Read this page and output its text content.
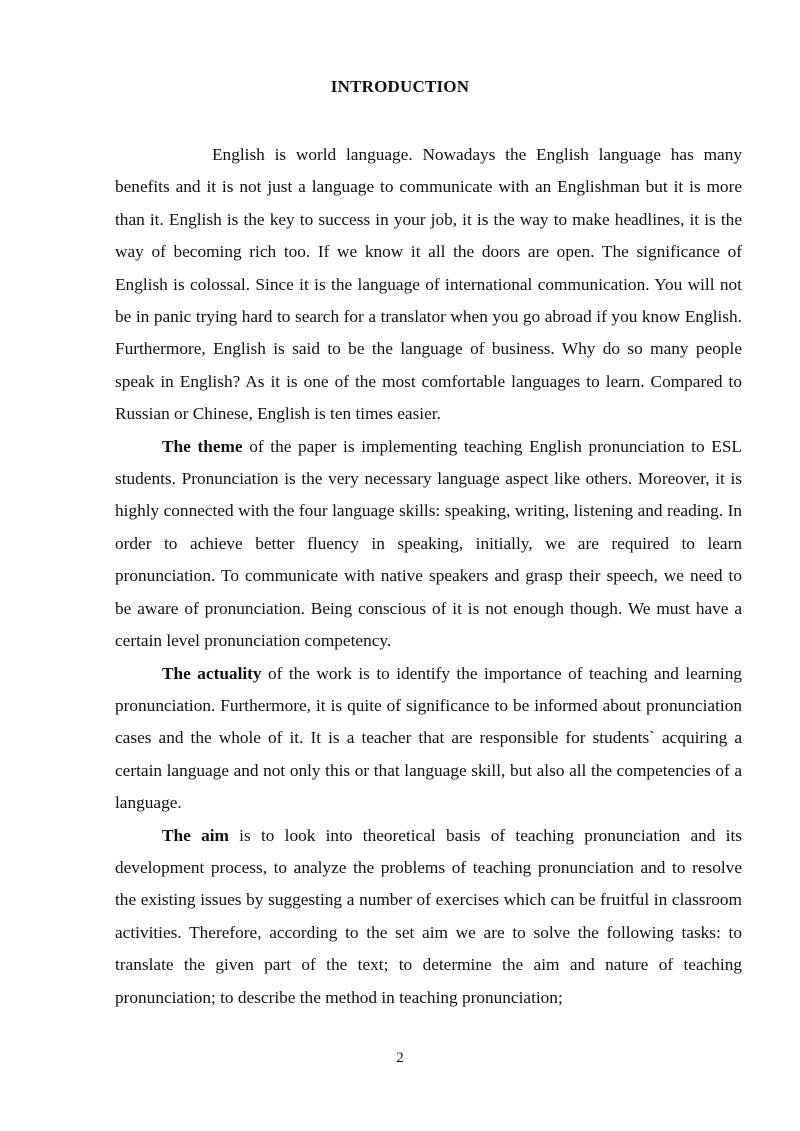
INTRODUCTION

English is world language. Nowadays the English language has many benefits and it is not just a language to communicate with an Englishman but it is more than it. English is the key to success in your job, it is the way to make headlines, it is the way of becoming rich too. If we know it all the doors are open. The significance of English is colossal. Since it is the language of international communication. You will not be in panic trying hard to search for a translator when you go abroad if you know English. Furthermore, English is said to be the language of business. Why do so many people speak in English? As it is one of the most comfortable languages to learn. Compared to Russian or Chinese, English is ten times easier.

The theme of the paper is implementing teaching English pronunciation to ESL students. Pronunciation is the very necessary language aspect like others. Moreover, it is highly connected with the four language skills: speaking, writing, listening and reading. In order to achieve better fluency in speaking, initially, we are required to learn pronunciation. To communicate with native speakers and grasp their speech, we need to be aware of pronunciation. Being conscious of it is not enough though. We must have a certain level pronunciation competency.

The actuality of the work is to identify the importance of teaching and learning pronunciation. Furthermore, it is quite of significance to be informed about pronunciation cases and the whole of it. It is a teacher that are responsible for students` acquiring a certain language and not only this or that language skill, but also all the competencies of a language.

The aim is to look into theoretical basis of teaching pronunciation and its development process, to analyze the problems of teaching pronunciation and to resolve the existing issues by suggesting a number of exercises which can be fruitful in classroom activities. Therefore, according to the set aim we are to solve the following tasks: to translate the given part of the text; to determine the aim and nature of teaching pronunciation; to describe the method in teaching pronunciation;

2
